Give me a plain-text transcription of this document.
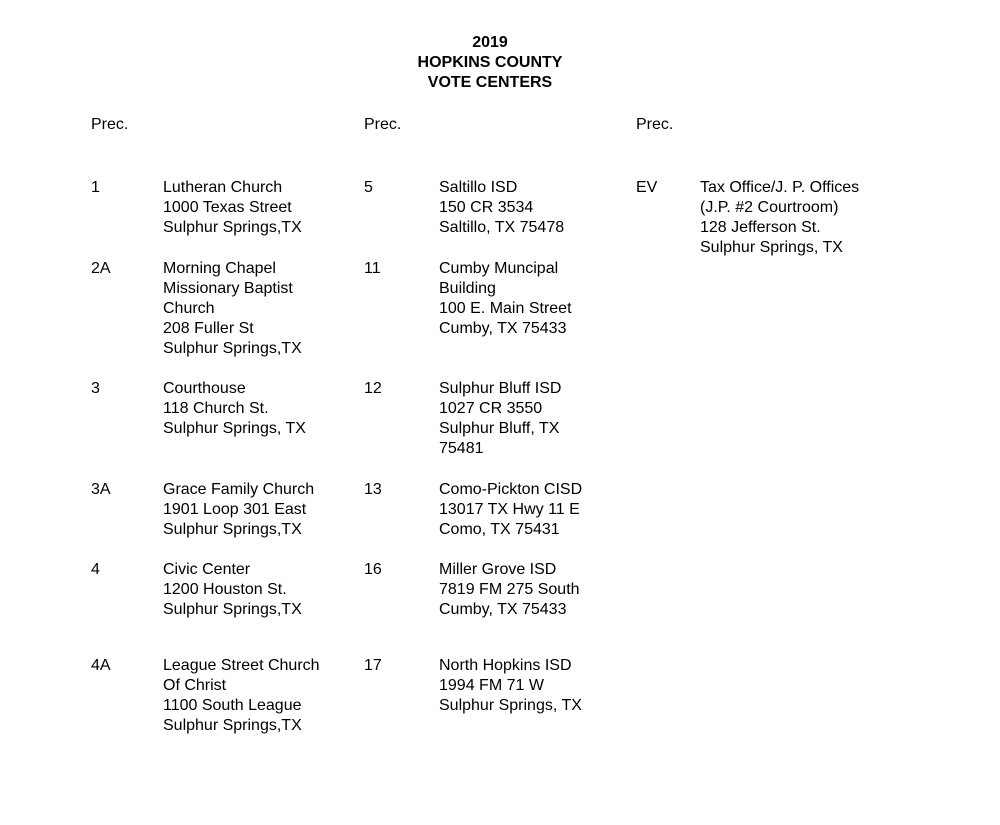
2019
HOPKINS COUNTY
VOTE CENTERS
Prec.
1	Lutheran Church
1000 Texas Street
Sulphur Springs,TX
2A	Morning Chapel
Missionary Baptist
Church
208 Fuller St
Sulphur Springs,TX
3	Courthouse
118 Church St.
Sulphur Springs, TX
3A	Grace Family Church
1901 Loop 301 East
Sulphur Springs,TX
4	Civic Center
1200 Houston St.
Sulphur Springs,TX
4A	League Street Church
Of Christ
1100 South League
Sulphur Springs,TX
Prec.
5	Saltillo ISD
150 CR 3534
Saltillo, TX 75478
11	Cumby Muncipal
Building
100 E. Main Street
Cumby, TX 75433
12	Sulphur Bluff ISD
1027 CR 3550
Sulphur Bluff, TX
75481
13	Como-Pickton CISD
13017 TX Hwy 11 E
Como, TX 75431
16	Miller Grove ISD
7819 FM 275 South
Cumby, TX 75433
17	North Hopkins ISD
1994 FM 71 W
Sulphur Springs, TX
Prec.
EV	Tax Office/J. P. Offices
(J.P. #2 Courtroom)
128 Jefferson St.
Sulphur Springs, TX
